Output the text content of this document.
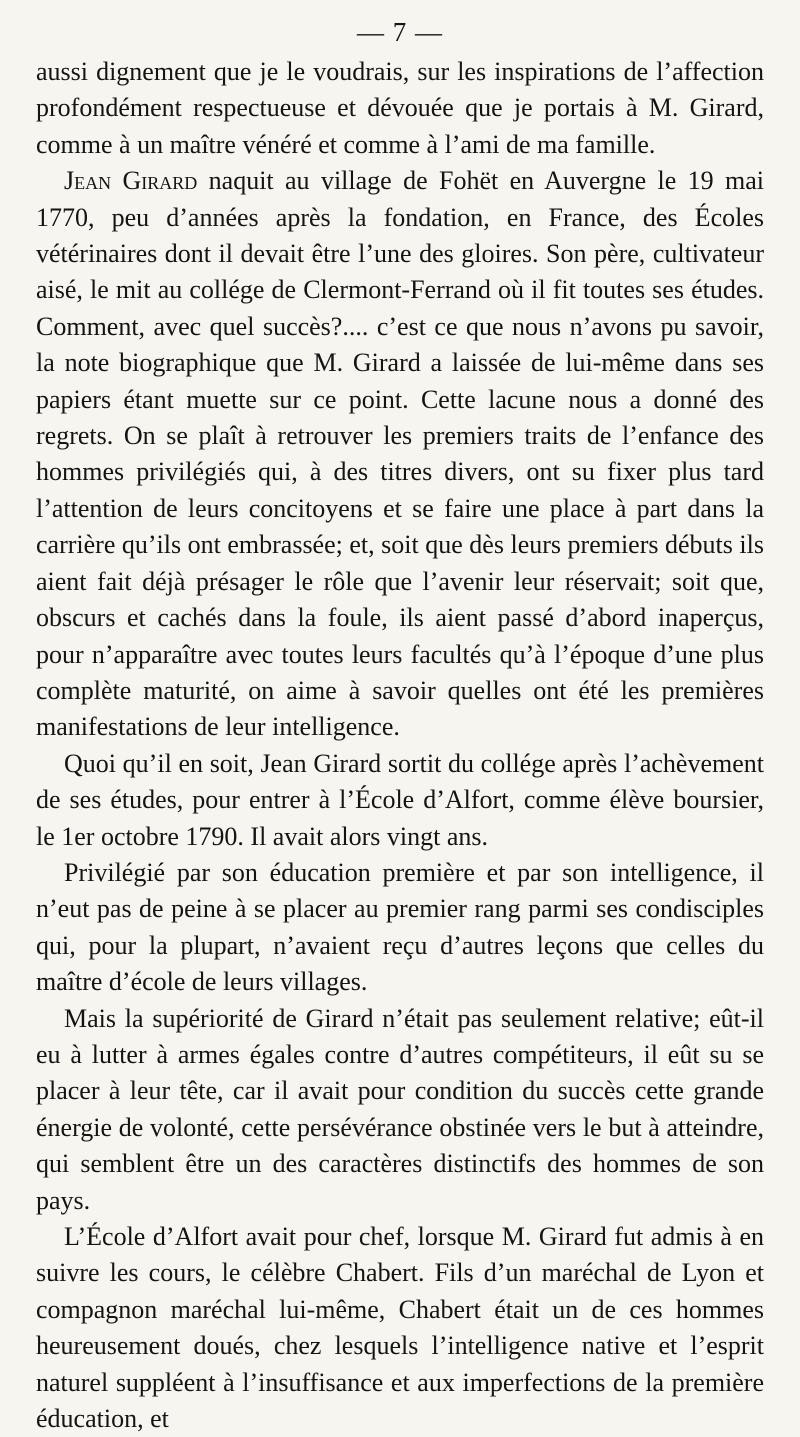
— 7 —

aussi dignement que je le voudrais, sur les inspirations de l’affection profondément respectueuse et dévouée que je portais à M. Girard, comme à un maître vénéré et comme à l’ami de ma famille.

Jean Girard naquit au village de Fohët en Auvergne le 19 mai 1770, peu d’années après la fondation, en France, des Écoles vétérinaires dont il devait être l’une des gloires. Son père, cultivateur aisé, le mit au collége de Clermont-Ferrand où il fit toutes ses études. Comment, avec quel succès?.... c’est ce que nous n’avons pu savoir, la note biographique que M. Girard a laissée de lui-même dans ses papiers étant muette sur ce point. Cette lacune nous a donné des regrets. On se plaît à retrouver les premiers traits de l’enfance des hommes privilégiés qui, à des titres divers, ont su fixer plus tard l’attention de leurs concitoyens et se faire une place à part dans la carrière qu’ils ont embrassée; et, soit que dès leurs premiers débuts ils aient fait déjà présager le rôle que l’avenir leur réservait; soit que, obscurs et cachés dans la foule, ils aient passé d’abord inaperçus, pour n’apparaître avec toutes leurs facultés qu’à l’époque d’une plus complète maturité, on aime à savoir quelles ont été les premières manifestations de leur intelligence.

Quoi qu’il en soit, Jean Girard sortit du collége après l’achèvement de ses études, pour entrer à l’École d’Alfort, comme élève boursier, le 1er octobre 1790. Il avait alors vingt ans.

Privilégié par son éducation première et par son intelligence, il n’eut pas de peine à se placer au premier rang parmi ses condisciples qui, pour la plupart, n’avaient reçu d’autres leçons que celles du maître d’école de leurs villages.

Mais la supériorité de Girard n’était pas seulement relative; eût-il eu à lutter à armes égales contre d’autres compétiteurs, il eût su se placer à leur tête, car il avait pour condition du succès cette grande énergie de volonté, cette persévérance obstinée vers le but à atteindre, qui semblent être un des caractères distinctifs des hommes de son pays.

L’École d’Alfort avait pour chef, lorsque M. Girard fut admis à en suivre les cours, le célèbre Chabert. Fils d’un maréchal de Lyon et compagnon maréchal lui-même, Chabert était un de ces hommes heureusement doués, chez lesquels l’intelligence native et l’esprit naturel suppléent à l’insuffisance et aux imperfections de la première éducation, et
